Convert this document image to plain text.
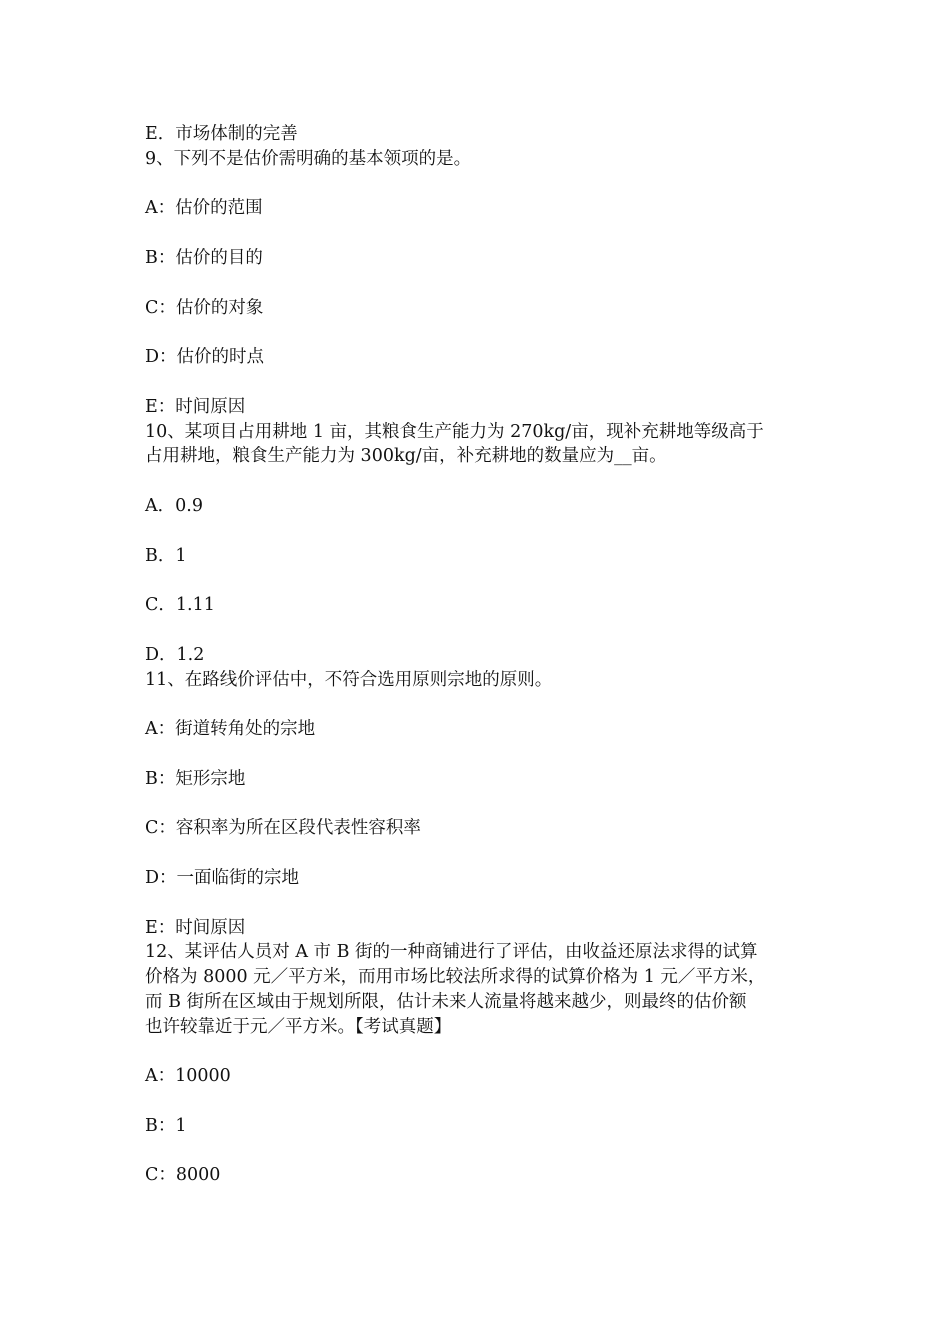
E．市场体制的完善
9、下列不是估价需明确的基本领项的是。
A：估价的范围
B：估价的目的
C：估价的对象
D：估价的时点
E：时间原因
10、某项目占用耕地 1 亩，其粮食生产能力为 270kg/亩，现补充耕地等级高于
占用耕地，粮食生产能力为 300kg/亩，补充耕地的数量应为__亩。
A．0.9
B．1
C．1.11
D．1.2
11、在路线价评估中，不符合选用原则宗地的原则。
A：街道转角处的宗地
B：矩形宗地
C：容积率为所在区段代表性容积率
D：一面临街的宗地
E：时间原因
12、某评估人员对 A 市 B 街的一种商铺进行了评估，由收益还原法求得的试算
价格为 8000 元／平方米，而用市场比较法所求得的试算价格为 1 元／平方米，
而 B 街所在区域由于规划所限，估计未来人流量将越来越少，则最终的估价额
也许较靠近于元／平方米。【考试真题】
A：10000
B：1
C：8000
